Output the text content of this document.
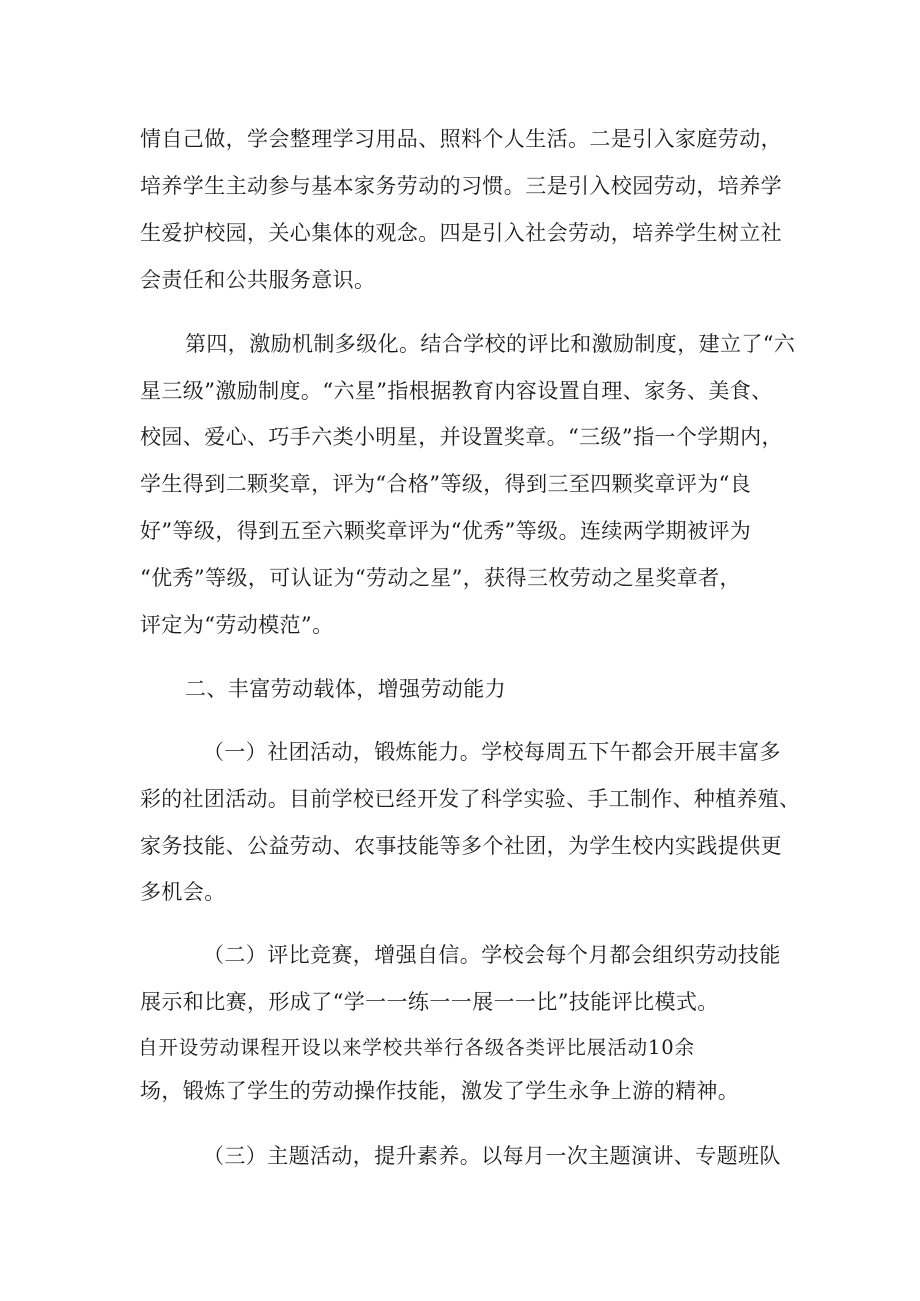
情自己做，学会整理学习用品、照料个人生活。二是引入家庭劳动，
培养学生主动参与基本家务劳动的习惯。三是引入校园劳动，培养学
生爱护校园，关心集体的观念。四是引入社会劳动，培养学生树立社
会责任和公共服务意识。
第四，激励机制多级化。结合学校的评比和激励制度，建立了“六
星三级”激励制度。“六星”指根据教育内容设置自理、家务、美食、
校园、爱心、巧手六类小明星，并设置奖章。“三级”指一个学期内，
学生得到二颗奖章，评为“合格”等级，得到三至四颗奖章评为“良
好”等级，得到五至六颗奖章评为“优秀”等级。连续两学期被评为
“优秀”等级，可认证为“劳动之星”，获得三枚劳动之星奖章者，
评定为“劳动模范”。
二、丰富劳动载体，增强劳动能力
（一）社团活动，锻炼能力。学校每周五下午都会开展丰富多
彩的社团活动。目前学校已经开发了科学实验、手工制作、种植养殖、
家务技能、公益劳动、农事技能等多个社团，为学生校内实践提供更
多机会。
（二）评比竞赛，增强自信。学校会每个月都会组织劳动技能
展示和比赛，形成了“学一一练一一展一一比”技能评比模式。
自开设劳动课程开设以来学校共举行各级各类评比展活动10余
场，锻炼了学生的劳动操作技能，激发了学生永争上游的精神。
（三）主题活动，提升素养。以每月一次主题演讲、专题班队
